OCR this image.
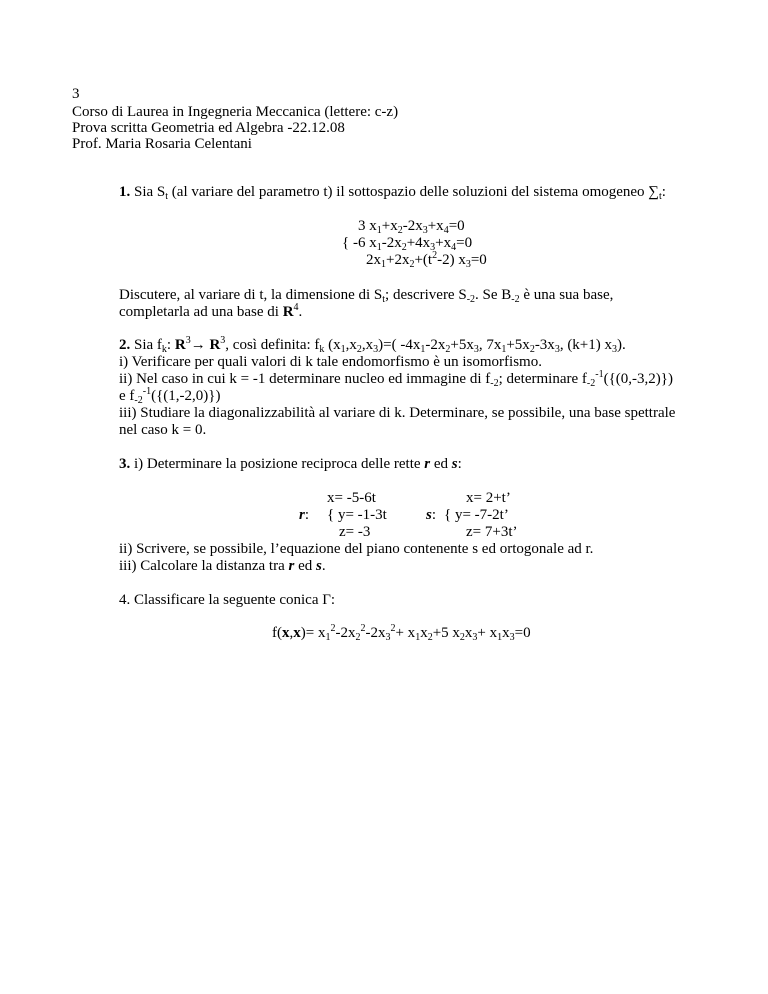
3
Corso di Laurea in Ingegneria Meccanica (lettere: c-z)
Prova scritta Geometria ed Algebra -22.12.08
Prof. Maria Rosaria Celentani
1. Sia $S_t$ (al variare del parametro t) il sottospazio delle soluzioni del sistema omogeneo $\sum_t$:
3 $x_1+x_2-2x_3+x_4=0$
{ -6 $x_1-2x_2+4x_3+x_4=0$
$2x_1+2x_2+(t^2-2)$ $x_3=0$
Discutere, al variare di t, la dimensione di $S_t$; descrivere $S_{-2}$. Se $B_{-2}$ è una sua base,
completarla ad una base di $R^4$.
2. Sia $f_k$: $R^3\to R^3$, così definita: $f_k$ $(x_1,x_2,x_3)=$( $-4x_1-2x_2+5x_3$, $7x_1+5x_2-3x_3$, (k+1) $x_3$).
i) Verificare per quali valori di k tale endomorfismo è un isomorfismo.
ii) Nel caso in cui k = -1 determinare nucleo ed immagine di $f_{-2}$; determinare $f_{-2}^{-1}(\{(0,-3,2)\})$
e $f_{-2}^{-1}(\{(1,-2,0)\})$
iii) Studiare la diagonalizzabilità al variare di k. Determinare, se possibile, una base spettrale
nel caso k = 0.
3. i) Determinare la posizione reciproca delle rette r ed s:
x= -5-6t	x= 2+t’
r: { y= -1-3t	s: { y= -7-2t’
z= -3	z= 7+3t’
ii) Scrivere, se possibile, l’equazione del piano contenente s ed ortogonale ad r.
iii) Calcolare la distanza tra r ed s.
4. Classificare la seguente conica Γ:
$f(x,x)= x_1^2-2x_2^2-2x_3^2+ x_1x_2+5$ $x_2x_3+ x_1x_3=0$
